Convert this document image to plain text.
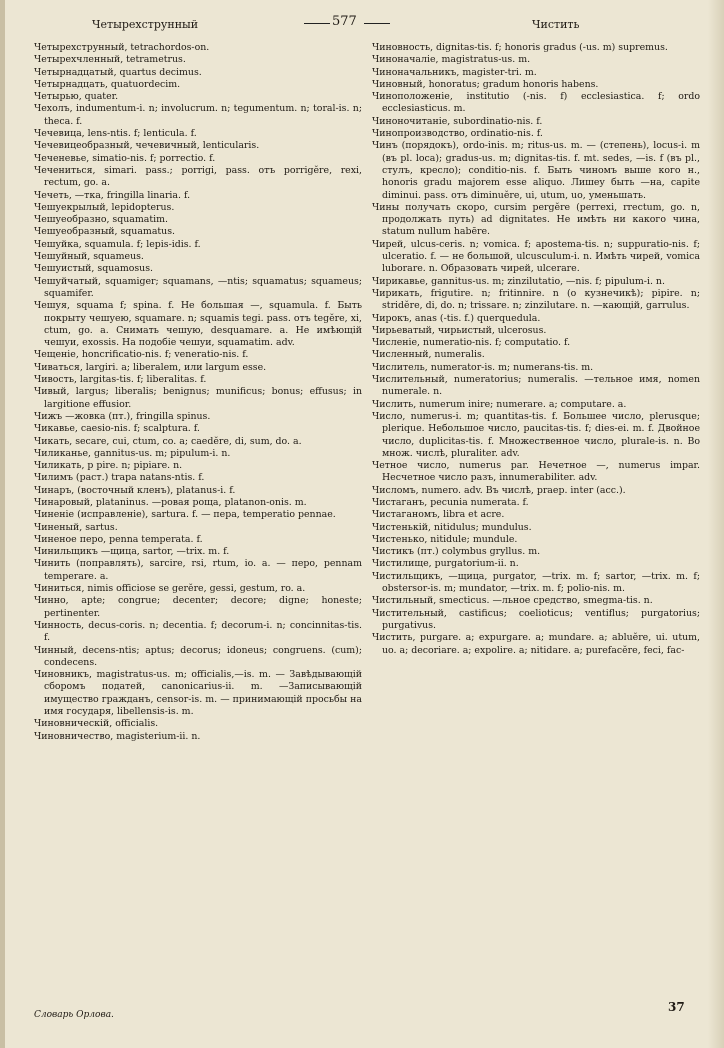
Четырехструнный	577	Чистить

Четырехструнный, tetrachordos-on.

Четырехчленный, tetrametrus.

Четырнадцатый, quartus decimus.

Четырнадцать, quatuordecim.

Четырью, quater.

Чехолъ, indumentum-i. n; involucrum. n; tegumentum. n; toral-is. n; theca. f.

Чечевица, lens-ntis. f; lenticula. f.

Чечевицеобразный, чечевичный, lenticularis.

Чеченевье, simatio-nis. f; porrectio. f.

Чечениться, simari. pass.; porrigi, pass. отъ porrigĕre, rexi, rectum, go. a.

Чечеть, —тка, fringilla linaria. f.

Чешуекрылый, lepidopterus.

Чешуеобразно, squamatim.

Чешуеобразный, squamatus.

Чешуйка, squamula. f; lepis-idis. f.

Чешуйный, squameus.

Чешуистый, squamosus.

Чешуйчатый, squamiger; squamans, —ntis; squamatus; squameus; squamifer.

Чешуя, squama f; spina. f. Не большая —, squamula. f. Быть покрыту чешуею, squamare. n; squamis tegi. pass. отъ tegĕre, xi, ctum, go. a. Снимать чешую, desquamare. a. Не имѣющій чешуи, exossis. На подобіе чешуи, squamatim. adv.

Чещеніе, honcrificatio-nis. f; veneratio-nis. f.

Чиваться, largiri. a; liberalem, или largum esse.

Чивость, largitas-tis. f; liberalitas. f.

Чивый, largus; liberalis; benignus; munificus; bonus; effusus; in largitione effusior.

Чижъ —жовка (пт.), fringilla spinus.

Чикавье, caesio-nis. f; scalptura. f.

Чикать, secare, cui, ctum, co. a; caedĕre, di, sum, do. a.

Чиликанье, gannitus-us. m; pipulum-i. n.

Чиликать, p pire. n; pipiare. n.

Чилимъ (раст.) trapa natans-ntis. f.

Чинаръ, (восточный кленъ), platanus-i. f.

Чинаровый, plataninus. —ровая роща, platanon-onis. m.

Чиненіе (исправленіе), sartura. f. — пера, temperatio pennae.

Чиненый, sartus.

Чиненое перо, penna temperata. f.

Чинильщикъ —щица, sartor, —trix. m. f.

Чинить (поправлять), sarcire, rsi, rtum, io. a. — перо, pennam temperare. a.

Чиниться, nimis officiose se gerĕre, gessi, gestum, ro. a.

Чинно, apte; congrue; decenter; decore; digne; honeste; pertinenter.

Чинность, decus-coris. n; decentia. f; decorum-i. n; concinnitas-tis. f.

Чинный, decens-ntis; aptus; decorus; idoneus; congruens. (cum); condecens.

Чиновникъ, magistratus-us. m; officialis,—is. m. — Завѣдывающій сборомъ податей, canonicarius-ii. m. —Записывающій имущество гражданъ, censor-is. m. — принимающій просьбы на имя государя, libellensis-is. m.

Чиновническій, officialis.

Чиновничество, magisterium-ii. n.

Чиновность, dignitas-tis. f; honoris gradus (-us. m) supremus.

Чиноначаліе, magistratus-us. m.

Чиноначальникъ, magister-tri. m.

Чиновный, honoratus; gradum honoris habens.

Чиноположеніе, institutio (-nis. f) ecclesiastica. f; ordo ecclesiasticus. m.

Чиноночитаніе, subordinatio-nis. f.

Чинопроизводство, ordinatio-nis. f.

Чинъ (порядокъ), ordo-inis. m; ritus-us. m. — (степень), locus-i. m (въ pl. loca); gradus-us. m; dignitas-tis. f. mt. sedes, —is. f (въ pl., стулъ, кресло); conditio-nis. f. Быть чиномъ выше кого н., honoris gradu majorem esse aliquo. Лишеу быть —на, capite diminui. pass. отъ diminuĕre, ui, utum, uo, уменьшать.

Чины получать скоро, cursim pergĕre (perrexi, rrectum, go. n, продолжать путь) ad dignitates. Не имѣть ни какого чина, statum nullum habēre.

Чирей, ulcus-ceris. n; vomica. f; apostema-tis. n; suppuratio-nis. f; ulceratio. f. — не большой, ulcusculum-i. n. Имѣть чирей, vomica luborare. n. Образовать чирей, ulcerare.

Чирикавье, gannitus-us. m; zinzilutatio, —nis. f; pipulum-i. n.

Чирикать, frigutire. n; fritinnire. n (о кузнечикѣ); pipire. n; stridĕre, di, do. n; trissare. n; zinzilutare. n. —кающій, garrulus.

Чирокъ, anas (-tis. f.) querquedula.

Чирьеватый, чирьистый, ulcerosus.

Численіе, numeratio-nis. f; computatio. f.

Численный, numeralis.

Числитель, numerator-is. m; numerans-tis. m.

Числительный, numeratorius; numeralis. —тельное имя, nomen numerale. n.

Числить, numerum inire; numerare. a; computare. a.

Число, numerus-i. m; quantitas-tis. f. Большее число, plerusque; plerique. Небольшое число, paucitas-tis. f; dies-ei. m. f. Двойное число, duplicitas-tis. f. Множественное число, plurale-is. n. Во множ. числѣ, pluraliter. adv.

Четное число, numerus par. Нечетное —, numerus impar. Несчетное число разъ, innumerabiliter. adv.

Числомъ, numero. adv. Въ числѣ, praep. inter (acc.).

Чистаганъ, pecunia numerata. f.

Чистаганомъ, libra et acre.

Чистенькій, nitidulus; mundulus.

Чистенько, nitidule; mundule.

Чистикъ (пт.) colymbus gryllus. m.

Чистилище, purgatorium-ii. n.

Чистильщикъ, —щица, purgator, —trix. m. f; sartor, —trix. m. f; obstersor-is. m; mundator, —trix. m. f; polio-nis. m.

Чистильный, smecticus. —льное средство, smegma-tis. n.

Чистительный, castificus; coelioticus; ventiflus; purgatorius; purgativus.

Чистить, purgare. a; expurgare. a; mundare. a; abluĕre, ui. utum, uo. a; decoriare. a; expolire. a; nitidare. a; purefacĕre, feci, fac-

Словарь Орлова.
37
